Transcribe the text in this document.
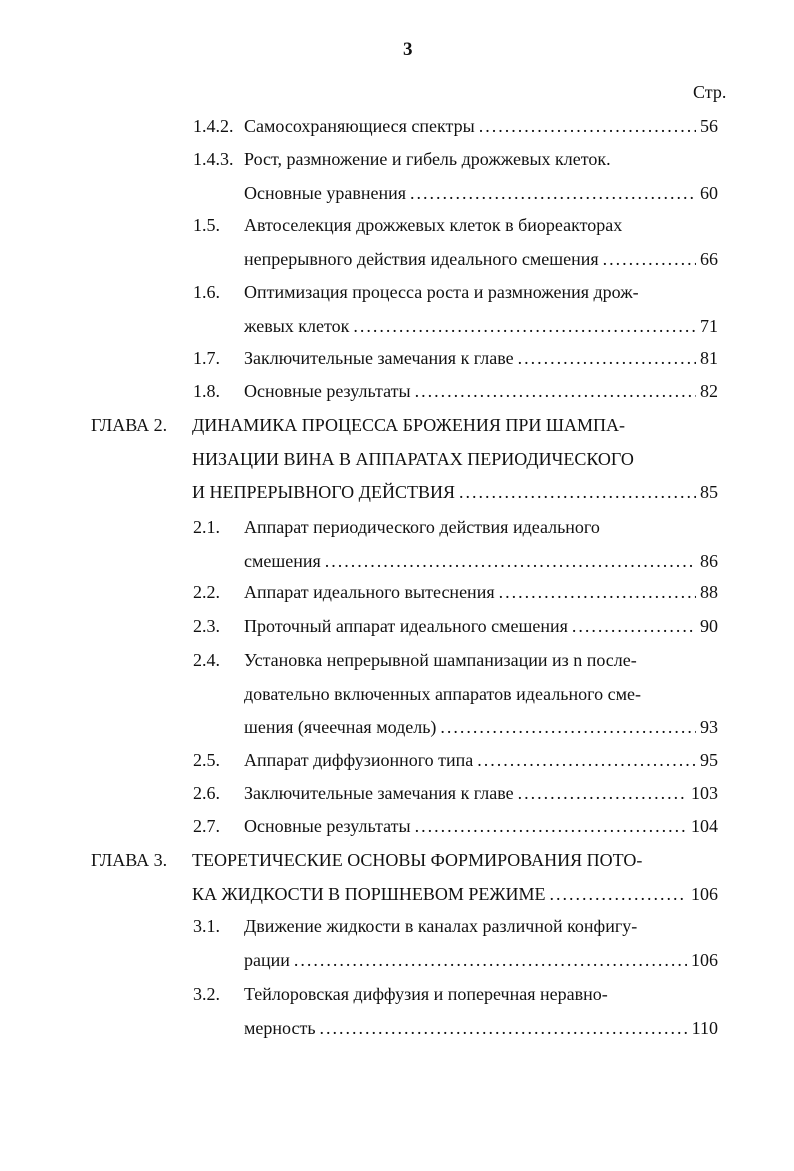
3
Стр.
1.4.2. Самосохраняющиеся спектры .....	56
1.4.3. Рост, размножение и гибель дрожжевых клеток.
Основные уравнения .....	60
1.5. Автоселекция дрожжевых клеток в биореакторах
непрерывного действия идеального смешения .....	66
1.6. Оптимизация процесса роста и размножения дрож-
жевых клеток .....	71
1.7. Заключительные замечания к главе .....	81
1.8. Основные результаты .....	82
ГЛАВА 2. ДИНАМИКА ПРОЦЕССА БРОЖЕНИЯ ПРИ ШАМПА-
НИЗАЦИИ ВИНА В АППАРАТАХ ПЕРИОДИЧЕСКОГО
И НЕПРЕРЫВНОГО ДЕЙСТВИЯ .....	85
2.1. Аппарат периодического действия идеального
смешения .....	86
2.2. Аппарат идеального вытеснения .....	88
2.3. Проточный аппарат идеального смешения .....	90
2.4. Установка непрерывной шампанизации из n после-
довательно включенных аппаратов идеального сме-
шения (ячеечная модель) .....	93
2.5. Аппарат диффузионного типа .....	95
2.6. Заключительные замечания к главе .....	103
2.7. Основные результаты .....	104
ГЛАВА 3. ТЕОРЕТИЧЕСКИЕ ОСНОВЫ ФОРМИРОВАНИЯ ПОТО-
КА ЖИДКОСТИ В ПОРШНЕВОМ РЕЖИМЕ .....	106
3.1. Движение жидкости в каналах различной конфигу-
рации .....	106
3.2. Тейлоровская диффузия и поперечная неравно-
мерность .....	110
